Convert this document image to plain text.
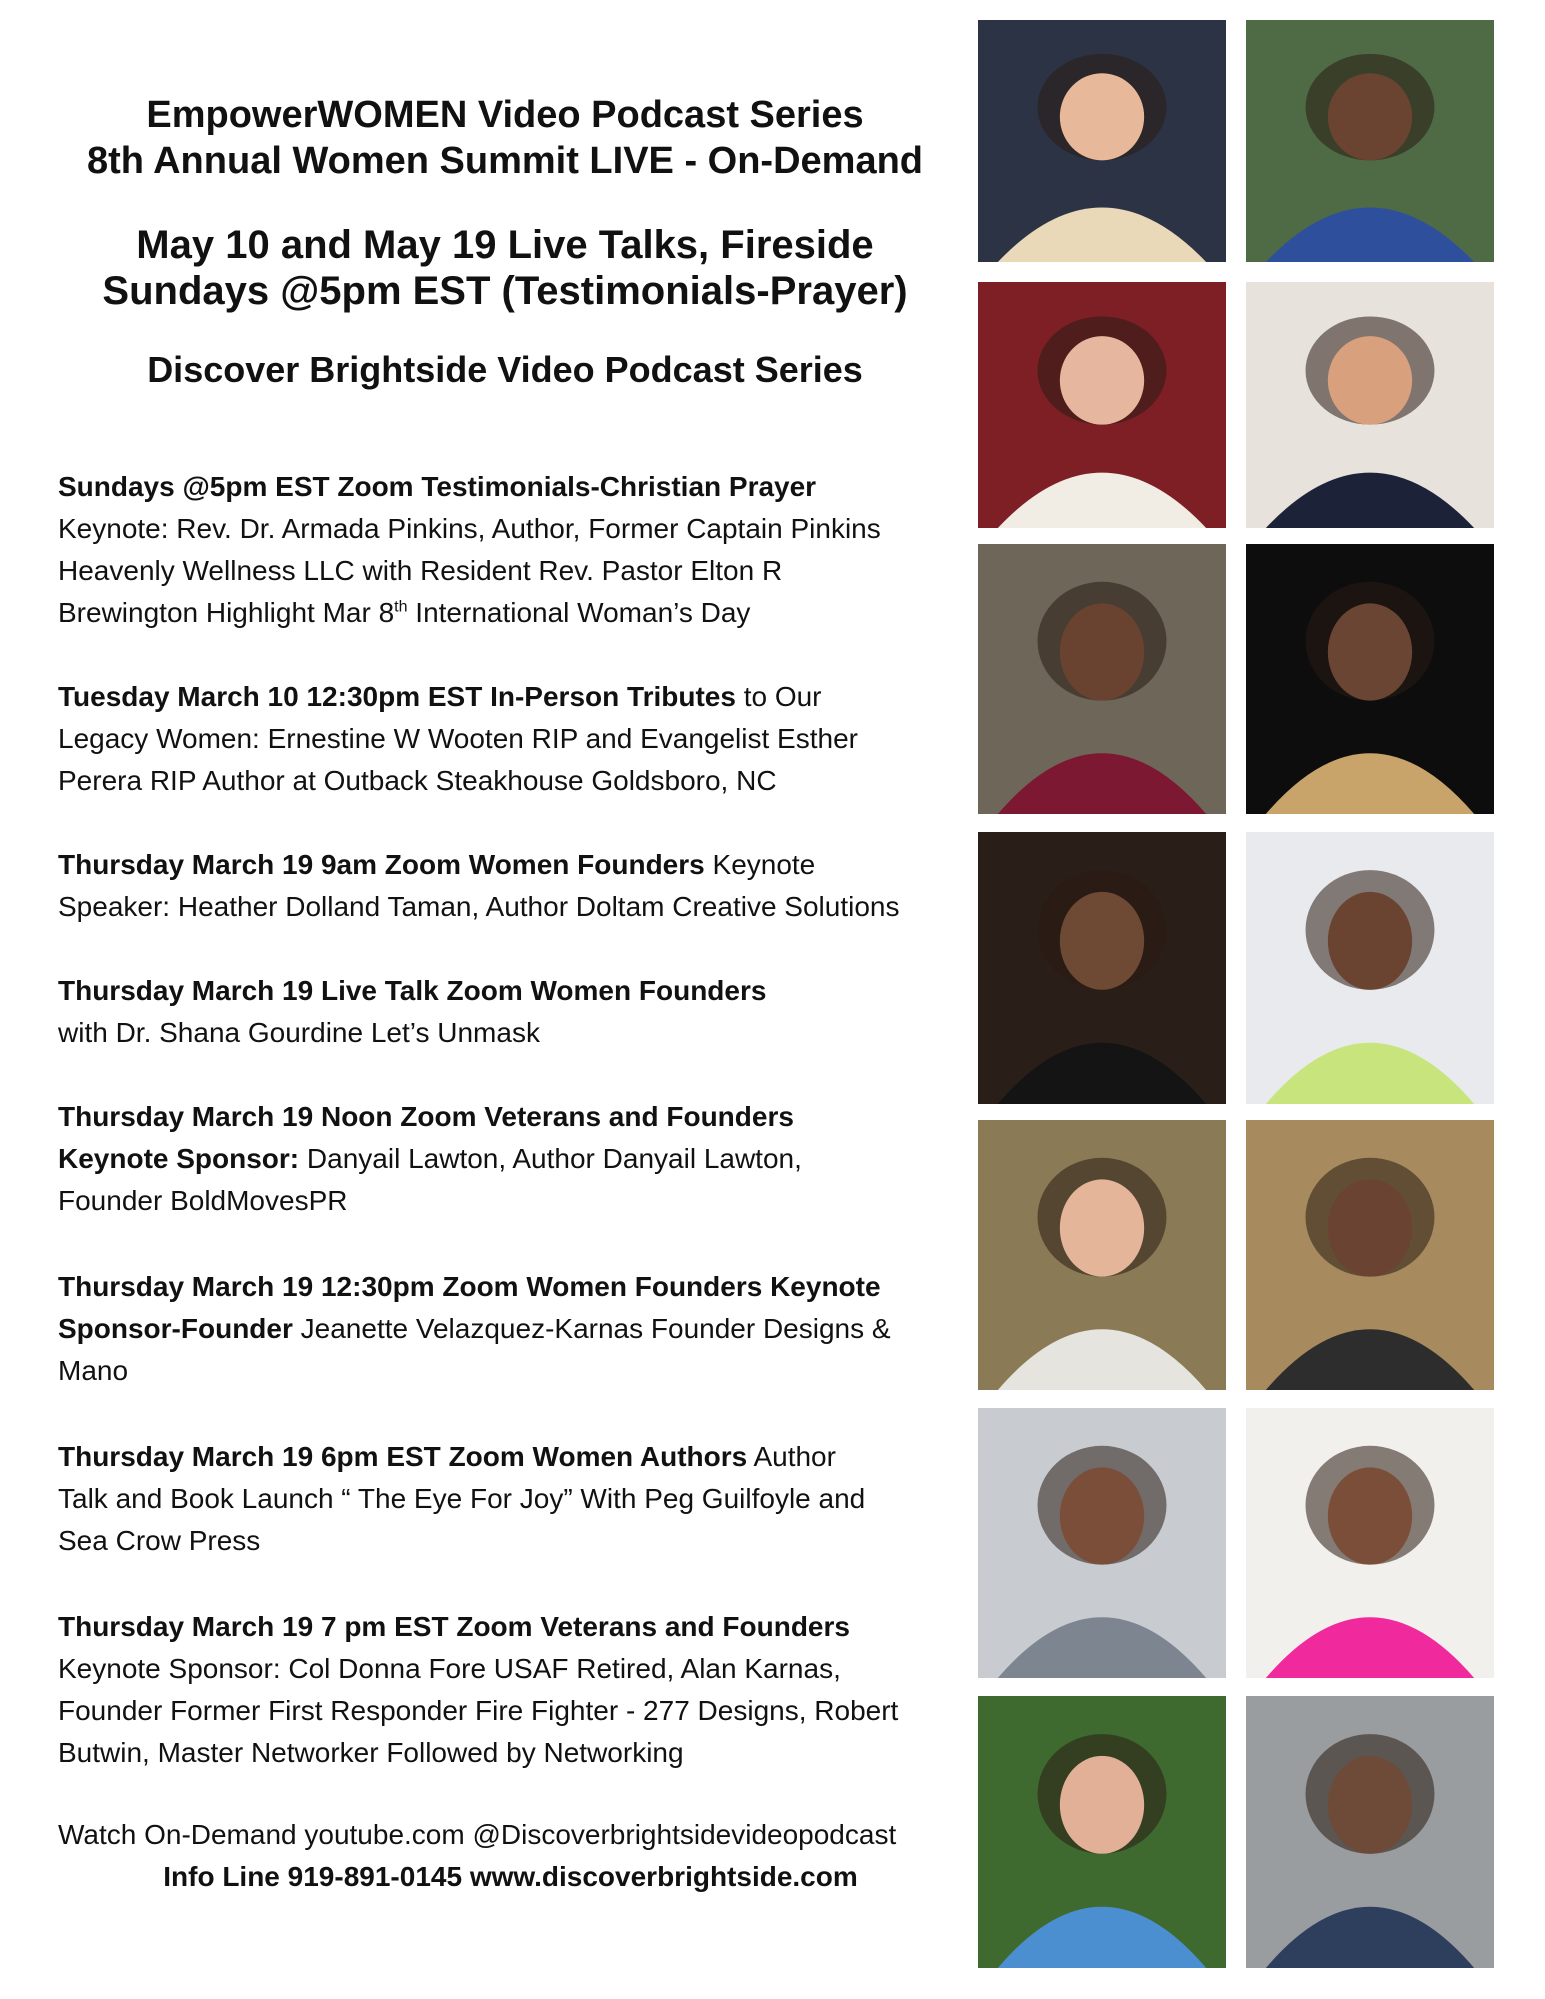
EmpowerWOMEN Video Podcast Series
8th Annual Women Summit LIVE - On-Demand
May 10 and May 19 Live Talks, Fireside
Sundays @5pm EST (Testimonials-Prayer)
Discover Brightside Video Podcast Series
Sundays @5pm EST Zoom Testimonials-Christian Prayer
Keynote: Rev. Dr. Armada Pinkins, Author, Former Captain Pinkins
Heavenly Wellness LLC with Resident Rev. Pastor Elton R
Brewington Highlight Mar 8th International Woman’s Day
Tuesday March 10 12:30pm EST In-Person Tributes to Our
Legacy Women: Ernestine W Wooten RIP and Evangelist Esther
Perera RIP Author at Outback Steakhouse Goldsboro, NC
Thursday March 19 9am Zoom Women Founders Keynote
Speaker: Heather Dolland Taman, Author Doltam Creative Solutions
Thursday March 19 Live Talk Zoom Women Founders
with Dr. Shana Gourdine Let’s Unmask
Thursday March 19 Noon Zoom Veterans and Founders
Keynote Sponsor: Danyail Lawton, Author Danyail Lawton,
Founder BoldMovesPR
Thursday March 19 12:30pm Zoom Women Founders Keynote
Sponsor-Founder Jeanette Velazquez-Karnas Founder Designs &
Mano
Thursday March 19 6pm EST Zoom Women Authors Author
Talk and Book Launch “ The Eye For Joy” With Peg Guilfoyle and
Sea Crow Press
Thursday March 19 7 pm EST Zoom Veterans and Founders
Keynote Sponsor: Col Donna Fore USAF Retired, Alan Karnas,
Founder Former First Responder Fire Fighter - 277 Designs, Robert
Butwin, Master Networker Followed by Networking
Watch On-Demand youtube.com @Discoverbrightsidevideopodcast
Info Line 919-891-0145 www.discoverbrightside.com
